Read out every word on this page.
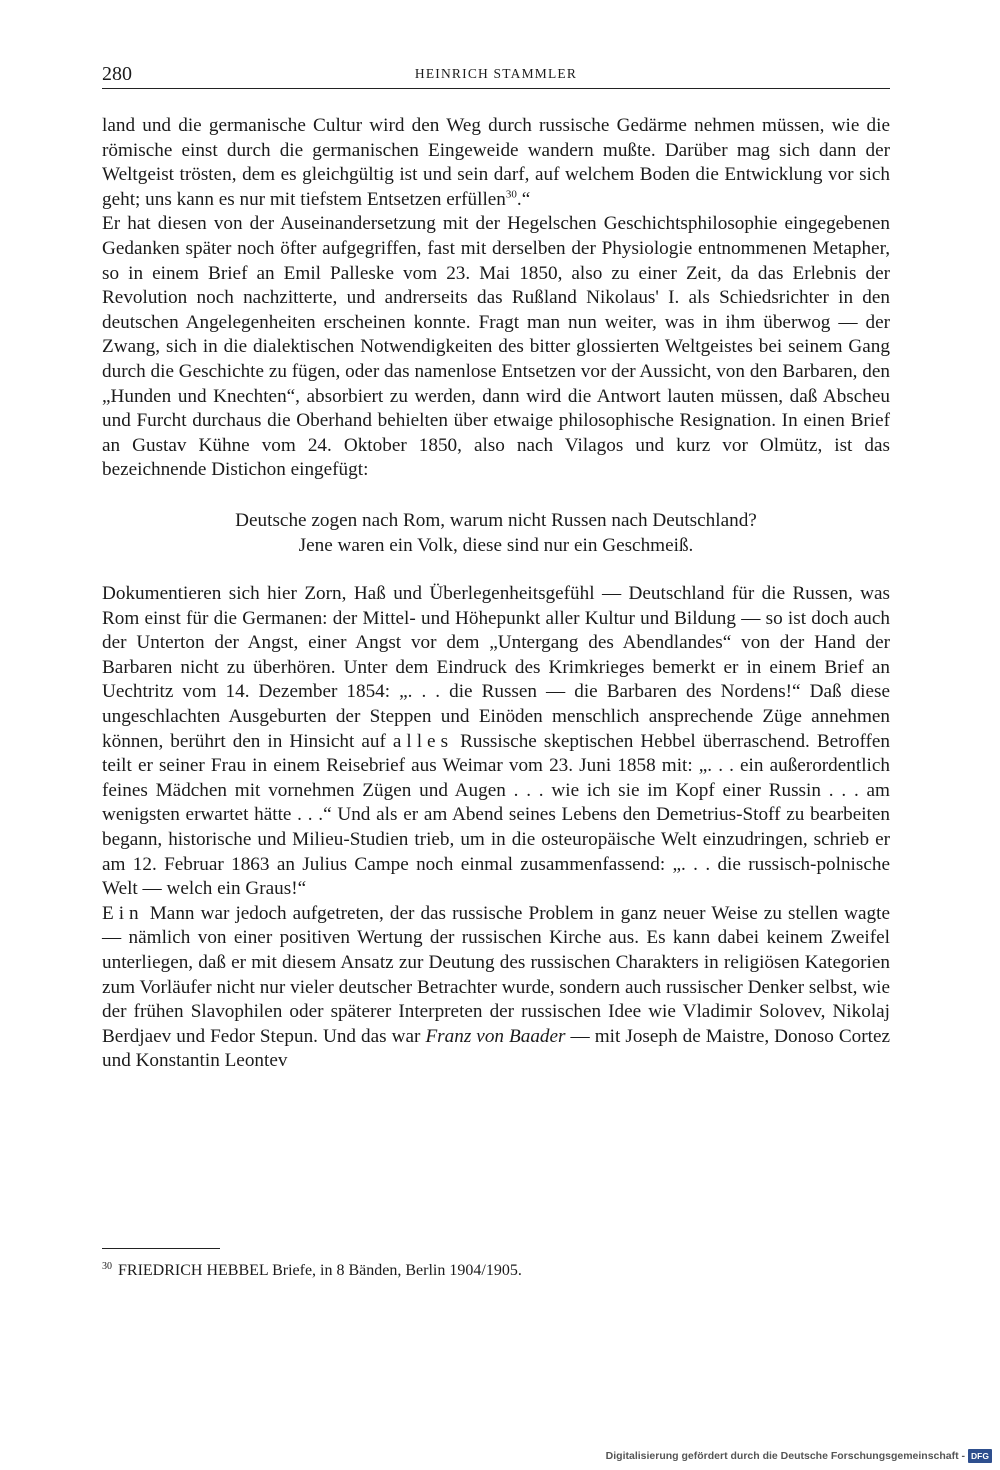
280	HEINRICH STAMMLER

land und die germanische Cultur wird den Weg durch russische Gedärme nehmen müssen, wie die römische einst durch die germanischen Eingeweide wandern mußte. Darüber mag sich dann der Weltgeist trösten, dem es gleichgültig ist und sein darf, auf welchem Boden die Entwicklung vor sich geht; uns kann es nur mit tiefstem Entsetzen erfüllen$^{30}$.“

Er hat diesen von der Auseinandersetzung mit der Hegelschen Geschichtsphilosophie eingegebenen Gedanken später noch öfter aufgegriffen, fast mit derselben der Physiologie entnommenen Metapher, so in einem Brief an Emil Palleske vom 23. Mai 1850, also zu einer Zeit, da das Erlebnis der Revolution noch nachzitterte, und andrerseits das Rußland Nikolaus' I. als Schiedsrichter in den deutschen Angelegenheiten erscheinen konnte. Fragt man nun weiter, was in ihm überwog — der Zwang, sich in die dialektischen Notwendigkeiten des bitter glossierten Weltgeistes bei seinem Gang durch die Geschichte zu fügen, oder das namenlose Entsetzen vor der Aussicht, von den Barbaren, den „Hunden und Knechten“, absorbiert zu werden, dann wird die Antwort lauten müssen, daß Abscheu und Furcht durchaus die Oberhand behielten über etwaige philosophische Resignation. In einen Brief an Gustav Kühne vom 24. Oktober 1850, also nach Vilagos und kurz vor Olmütz, ist das bezeichnende Distichon eingefügt:

Deutsche zogen nach Rom, warum nicht Russen nach Deutschland?
Jene waren ein Volk, diese sind nur ein Geschmeiß.

Dokumentieren sich hier Zorn, Haß und Überlegenheitsgefühl — Deutschland für die Russen, was Rom einst für die Germanen: der Mittel- und Höhepunkt aller Kultur und Bildung — so ist doch auch der Unterton der Angst, einer Angst vor dem „Untergang des Abendlandes“ von der Hand der Barbaren nicht zu überhören. Unter dem Eindruck des Krimkrieges bemerkt er in einem Brief an Uechtritz vom 14. Dezember 1854: „. . . die Russen — die Barbaren des Nordens!“ Daß diese ungeschlachten Ausgeburten der Steppen und Einöden menschlich ansprechende Züge annehmen können, berührt den in Hinsicht auf alles Russische skeptischen Hebbel überraschend. Betroffen teilt er seiner Frau in einem Reisebrief aus Weimar vom 23. Juni 1858 mit: „. . . ein außerordentlich feines Mädchen mit vornehmen Zügen und Augen . . . wie ich sie im Kopf einer Russin . . . am wenigsten erwartet hätte . . .“ Und als er am Abend seines Lebens den Demetrius-Stoff zu bearbeiten begann, historische und Milieu-Studien trieb, um in die osteuropäische Welt einzudringen, schrieb er am 12. Februar 1863 an Julius Campe noch einmal zusammenfassend: „. . . die russisch-polnische Welt — welch ein Graus!“

Ein Mann war jedoch aufgetreten, der das russische Problem in ganz neuer Weise zu stellen wagte — nämlich von einer positiven Wertung der russischen Kirche aus. Es kann dabei keinem Zweifel unterliegen, daß er mit diesem Ansatz zur Deutung des russischen Charakters in religiösen Kategorien zum Vorläufer nicht nur vieler deutscher Betrachter wurde, sondern auch russischer Denker selbst, wie der frühen Slavophilen oder späterer Interpreten der russischen Idee wie Vladimir Solovev, Nikolaj Berdjaev und Fedor Stepun. Und das war Franz von Baader — mit Joseph de Maistre, Donoso Cortez und Konstantin Leontev

$^{30}$ FRIEDRICH HEBBEL Briefe, in 8 Bänden, Berlin 1904/1905.
Digitalisierung gefördert durch die Deutsche Forschungsgemeinschaft - DFG
